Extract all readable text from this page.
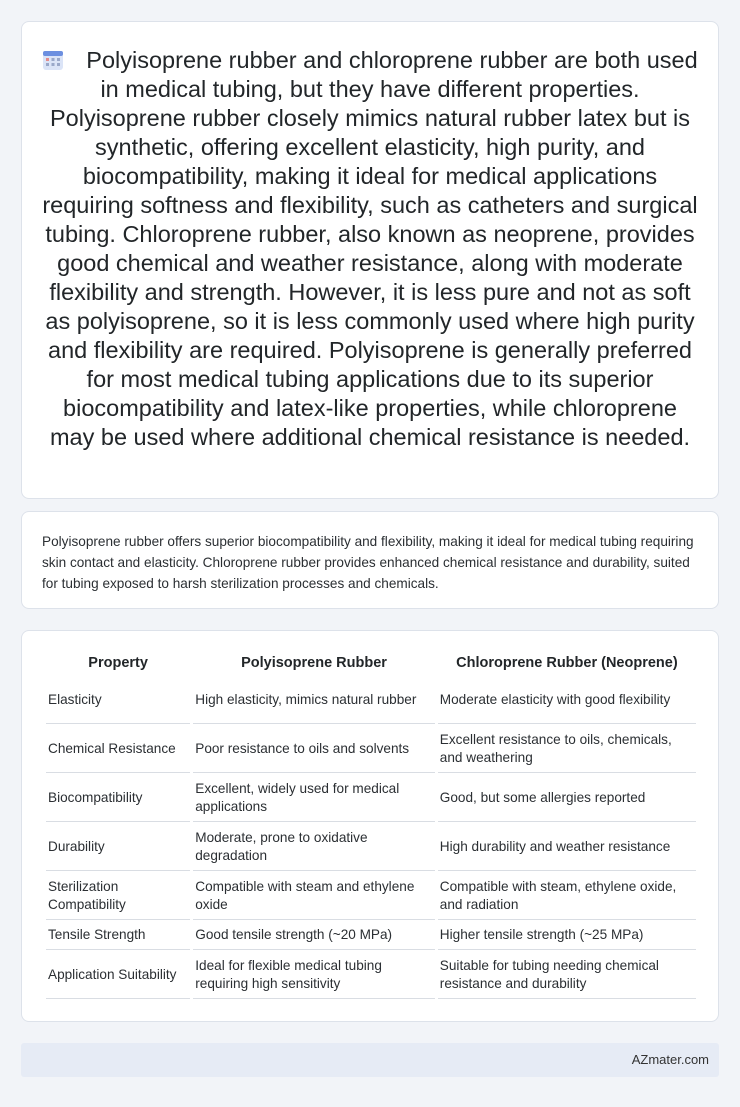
Polyisoprene rubber and chloroprene rubber are both used in medical tubing, but they have different properties. Polyisoprene rubber closely mimics natural rubber latex but is synthetic, offering excellent elasticity, high purity, and biocompatibility, making it ideal for medical applications requiring softness and flexibility, such as catheters and surgical tubing. Chloroprene rubber, also known as neoprene, provides good chemical and weather resistance, along with moderate flexibility and strength. However, it is less pure and not as soft as polyisoprene, so it is less commonly used where high purity and flexibility are required. Polyisoprene is generally preferred for most medical tubing applications due to its superior biocompatibility and latex-like properties, while chloroprene may be used where additional chemical resistance is needed.

Polyisoprene rubber offers superior biocompatibility and flexibility, making it ideal for medical tubing requiring skin contact and elasticity. Chloroprene rubber provides enhanced chemical resistance and durability, suited for tubing exposed to harsh sterilization processes and chemicals.

Property	Polyisoprene Rubber	Chloroprene Rubber (Neoprene)
Elasticity	High elasticity, mimics natural rubber	Moderate elasticity with good flexibility
Chemical Resistance	Poor resistance to oils and solvents	Excellent resistance to oils, chemicals, and weathering
Biocompatibility	Excellent, widely used for medical applications	Good, but some allergies reported
Durability	Moderate, prone to oxidative degradation	High durability and weather resistance
Sterilization Compatibility	Compatible with steam and ethylene oxide	Compatible with steam, ethylene oxide, and radiation
Tensile Strength	Good tensile strength (~20 MPa)	Higher tensile strength (~25 MPa)
Application Suitability	Ideal for flexible medical tubing requiring high sensitivity	Suitable for tubing needing chemical resistance and durability
AZmater.com
